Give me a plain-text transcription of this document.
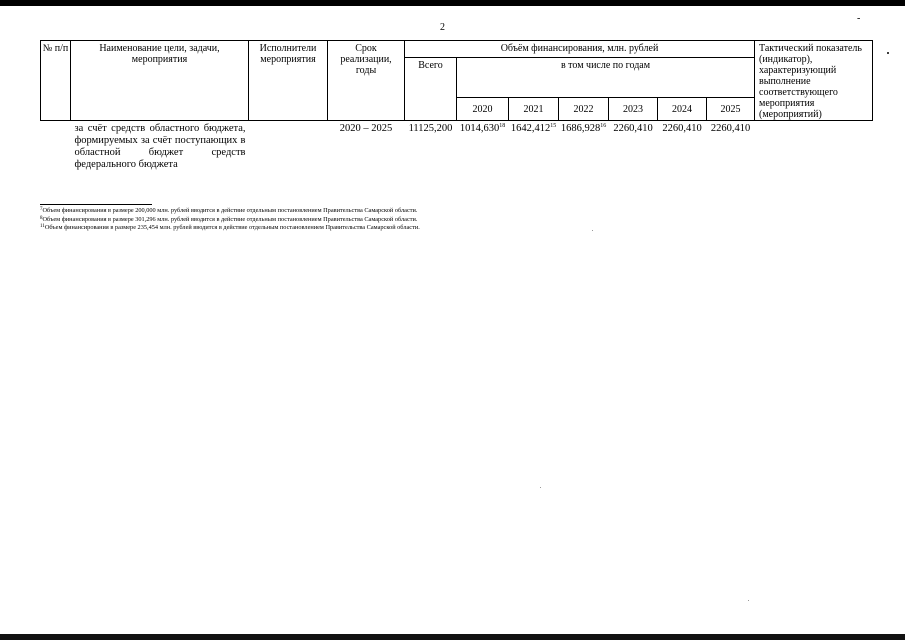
2
-
№ п/п	Наименование цели, задачи, мероприятия	Исполнители мероприятия	Срок реализации, годы	Объём финансирования, млн. рублей							Тактический показатель (индикатор), характеризующий выполнение соответствующего мероприятия (мероприятий)
				Всего	в том числе по годам						
					2020	2021	2022	2023	2024	2025	
	за счёт средств областного бюджета, формируемых за счёт поступающих в областной бюджет средств федерального бюджета		2020 – 2025	11125,200	1014,630$^{18}$	1642,412$^{15}$	1686,928$^{16}$	2260,410	2260,410	2260,410	
$^7$Объем финансирования в размере 200,000 млн. рублей вводится в действие отдельным постановлением Правительства Самарской области.
$^8$Объем финансирования в размере 301,296 млн. рублей вводится в действие отдельным постановлением Правительства Самарской области.
$^{11}$Объем финансирования в размере 235,454 млн. рублей вводится в действие отдельным постановлением Правительства Самарской области.
